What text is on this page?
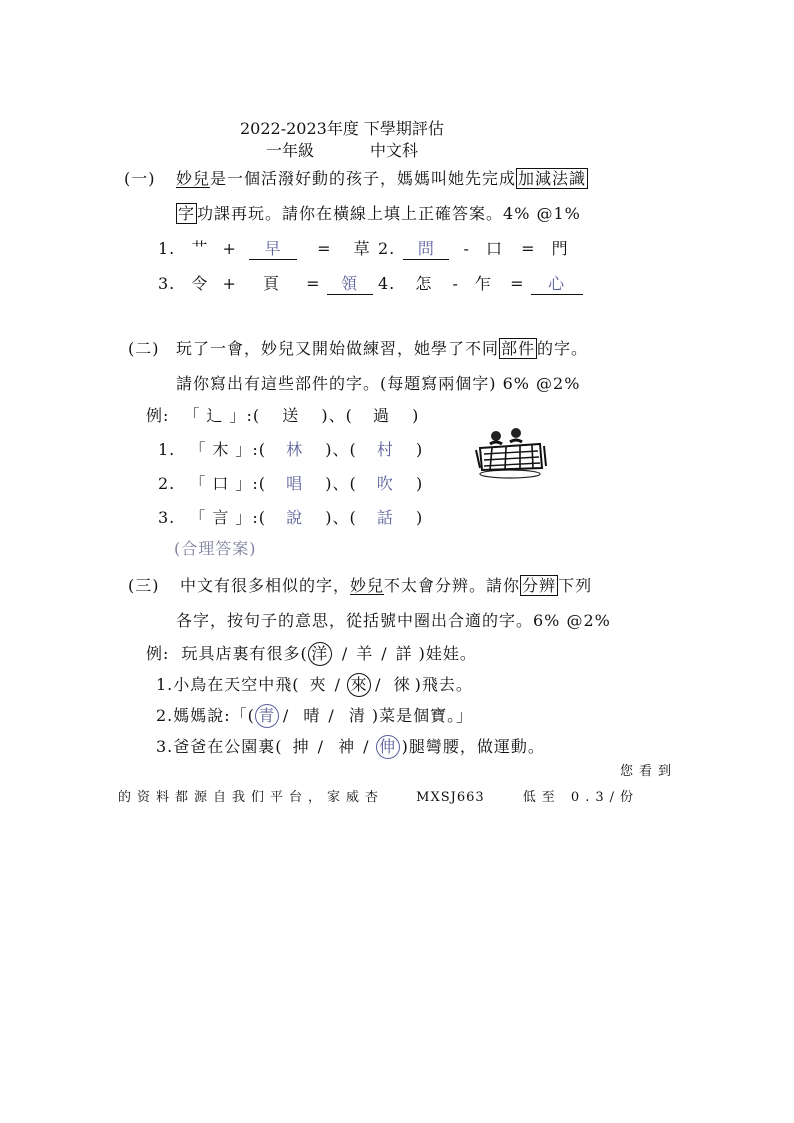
2022-2023年度 下學期評估
一年級	中文科
(一) 妙兒是一個活潑好動的孩子，媽媽叫她先完成 加減法識
字 功課再玩。請你在橫線上填上正確答案。4% @1%
1. 艹 + 早 = 草 2. 問 - 口 = 門
3. 令 + 頁 = 領	4. 怎 - 乍 = 心
(二) 玩了一會，妙兒又開始做練習，她學了不同 部件 的字。
請你寫出有這些部件的字。(每題寫兩個字) 6% @2%
例: 「 辶 」:( 送 )、( 過 )
1. 「 木 」:( 林 )、( 村 )
2. 「 口 」:( 唱 )、( 吹 )
3. 「 言 」:( 說 )、( 話 )
(合理答案)
(三) 中文有很多相似的字，妙兒不太會分辨。請你 分辨 下列
各字，按句子的意思，從括號中圈出合適的字。6% @2%
例: 玩具店裏有很多( 洋 / 羊 / 詳 )娃娃。
1.小鳥在天空中飛( 夾 / 來 / 徠 )飛去。
2.媽媽說:「( 青 / 晴 / 清 )菜是個寶。」
3.爸爸在公園裏( 抻 / 神 / 伸 )腿彎腰，做運動。
您看到
的资料都源自我们平台，家威杏 MXSJ663	低至 0.3/份
